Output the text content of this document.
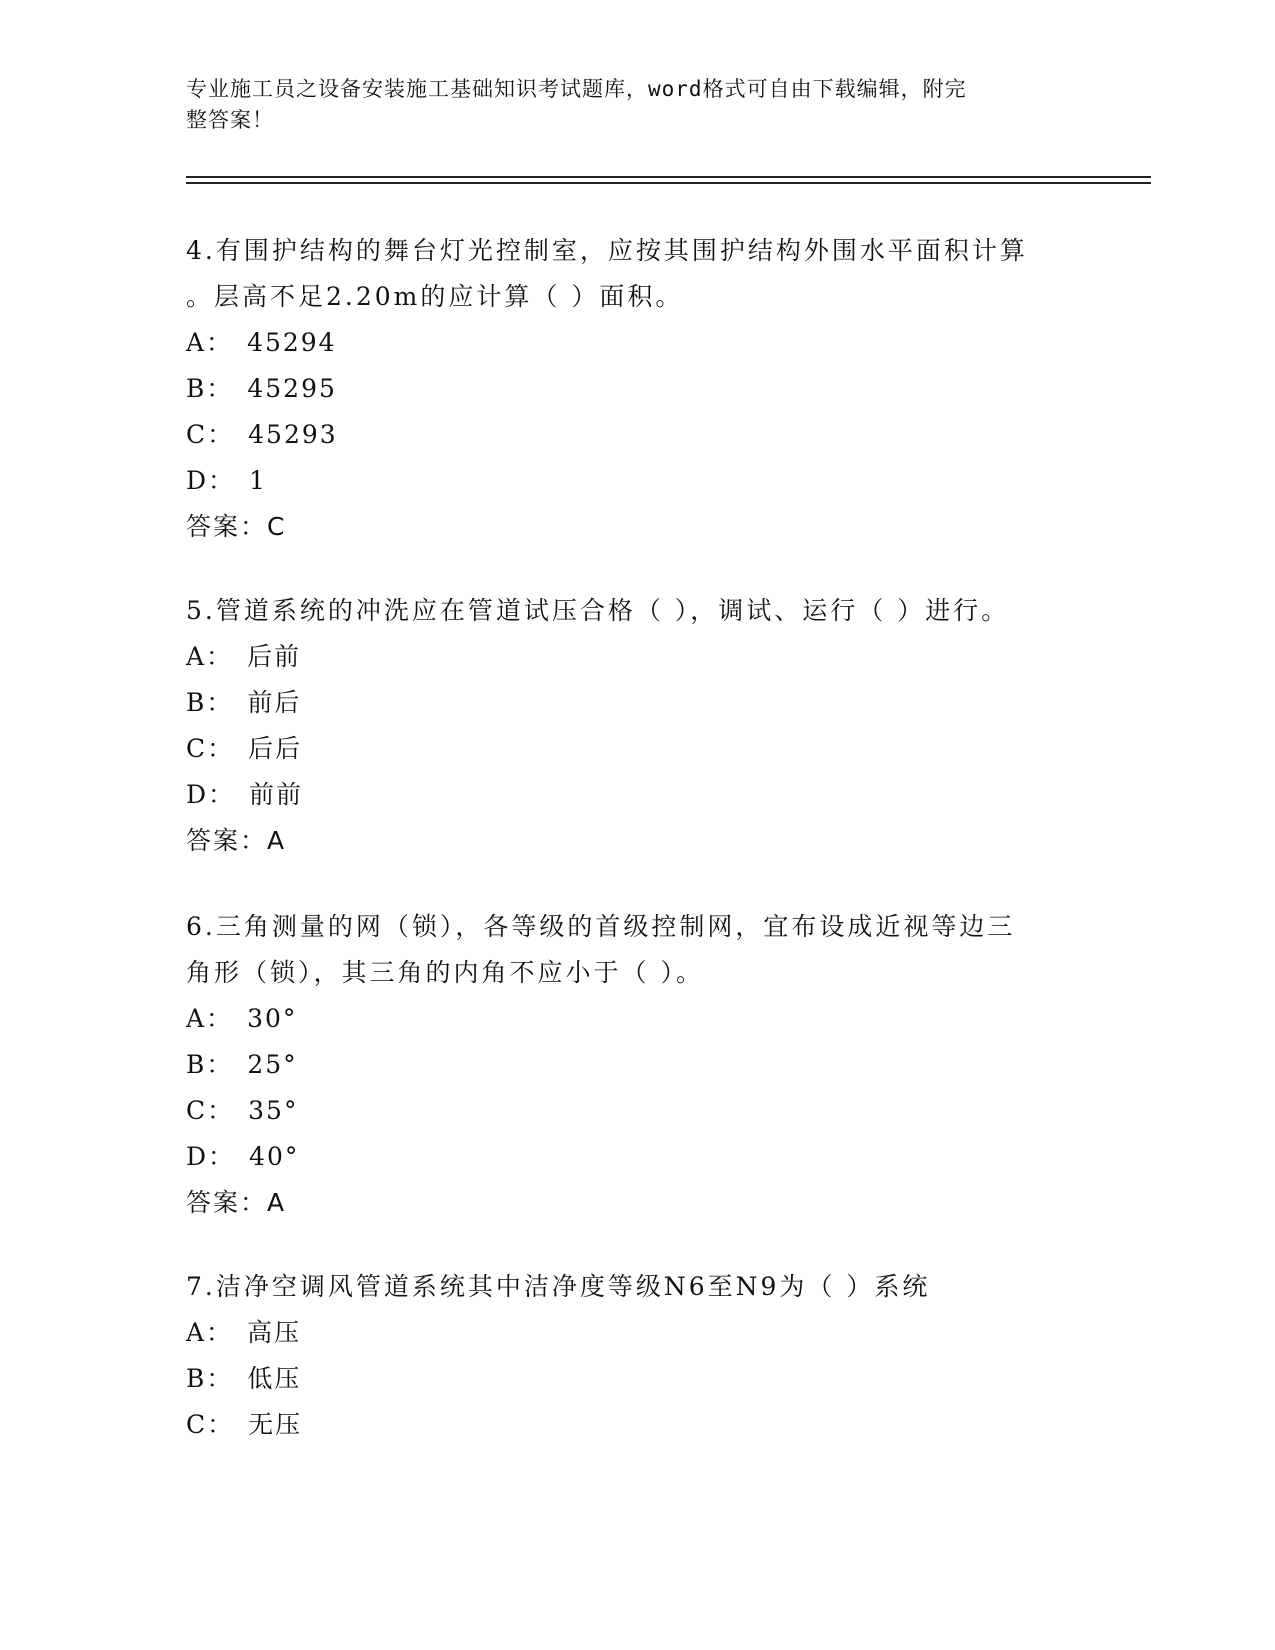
专业施工员之设备安装施工基础知识考试题库，word格式可自由下载编辑，附完
整答案！

4.有围护结构的舞台灯光控制室，应按其围护结构外围水平面积计算

。层高不足2.20m的应计算（ ）面积。

A： 45294

B： 45295

C： 45293

D： 1

答案：C

5.管道系统的冲洗应在管道试压合格（ ），调试、运行（ ）进行。

A： 后前

B： 前后

C： 后后

D： 前前

答案：A

6.三角测量的网（锁），各等级的首级控制网，宜布设成近视等边三

角形（锁），其三角的内角不应小于（ ）。

A： 30°

B： 25°

C： 35°

D： 40°

答案：A

7.洁净空调风管道系统其中洁净度等级N6至N9为（ ）系统

A： 高压

B： 低压

C： 无压
